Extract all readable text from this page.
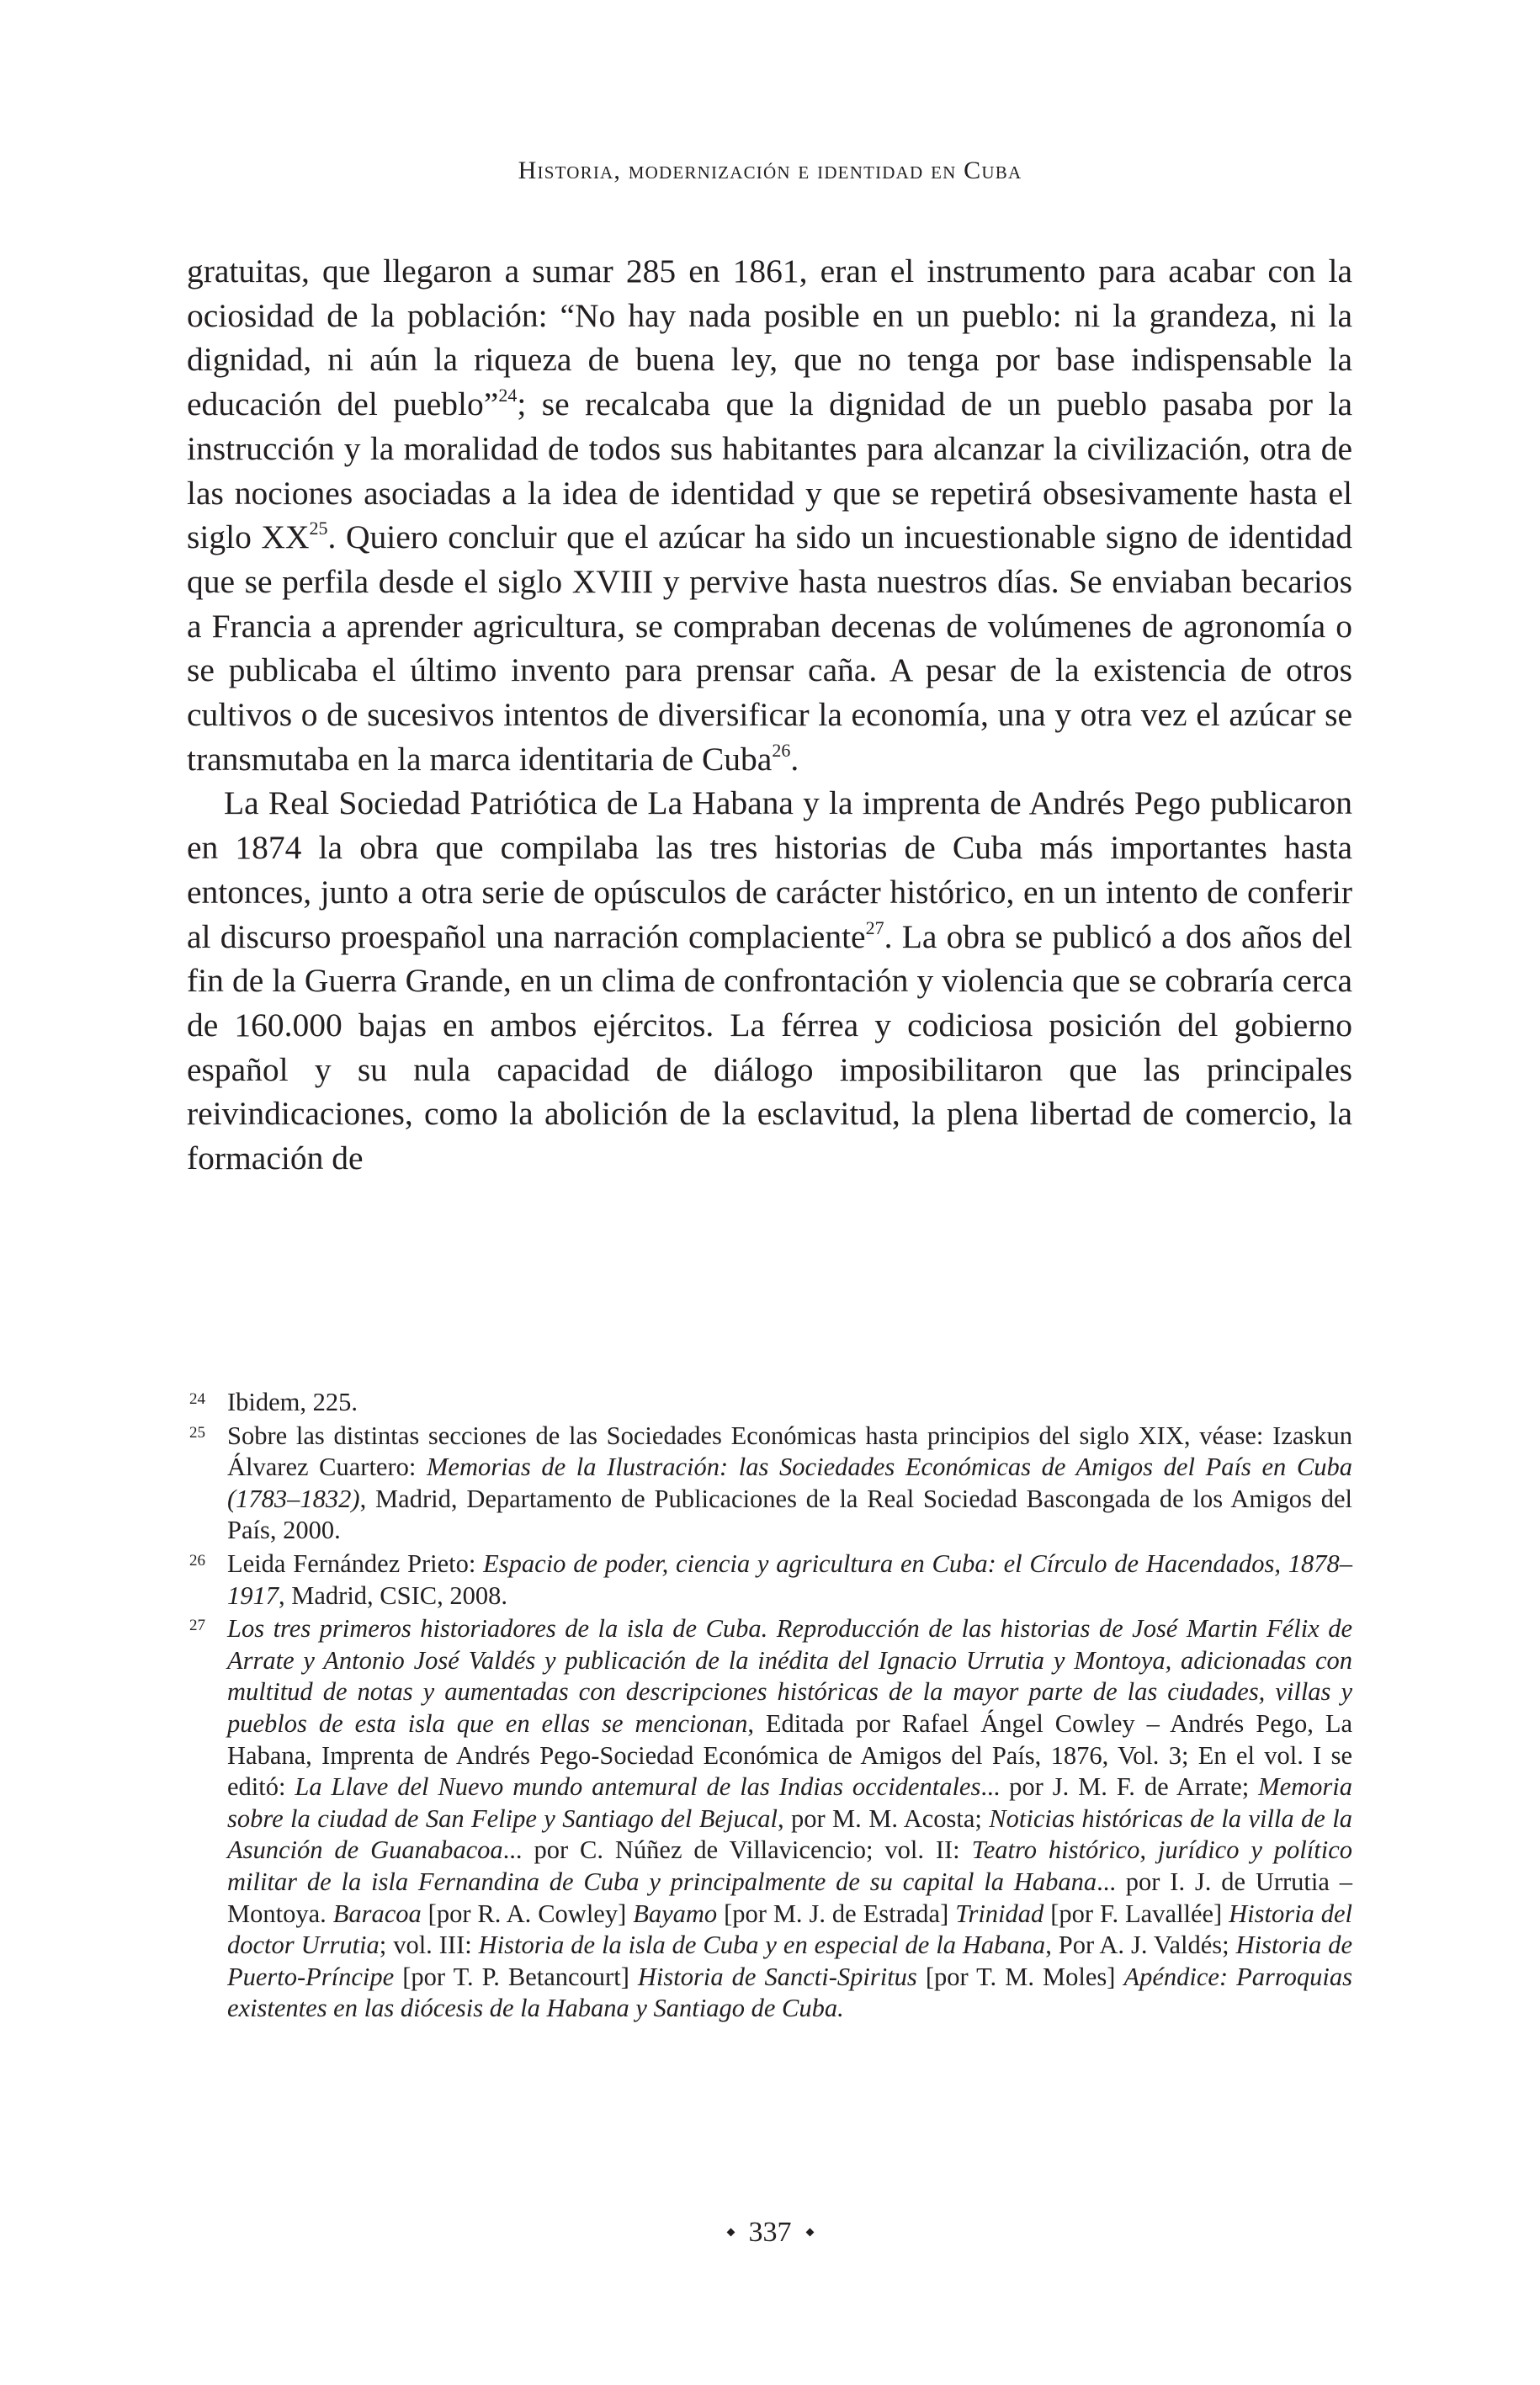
Historia, modernización e identidad en Cuba

gratuitas, que llegaron a sumar 285 en 1861, eran el instrumento para acabar con la ociosidad de la población: “No hay nada posible en un pueblo: ni la grandeza, ni la dignidad, ni aún la riqueza de buena ley, que no tenga por base indispensable la educación del pueblo”$^{24}$; se recalcaba que la dignidad de un pueblo pasaba por la instrucción y la moralidad de todos sus habitantes para alcanzar la civilización, otra de las nociones asociadas a la idea de identidad y que se repetirá obsesivamente hasta el siglo XX$^{25}$. Quiero concluir que el azúcar ha sido un incuestionable signo de identidad que se perfila desde el siglo XVIII y pervive hasta nuestros días. Se enviaban becarios a Francia a aprender agricultura, se compraban decenas de volúmenes de agronomía o se publicaba el último invento para prensar caña. A pesar de la existencia de otros cultivos o de sucesivos intentos de diversificar la economía, una y otra vez el azúcar se transmutaba en la marca identitaria de Cuba$^{26}$.

La Real Sociedad Patriótica de La Habana y la imprenta de Andrés Pego publicaron en 1874 la obra que compilaba las tres historias de Cuba más importantes hasta entonces, junto a otra serie de opúsculos de carácter histórico, en un intento de conferir al discurso proespañol una narración complaciente$^{27}$. La obra se publicó a dos años del fin de la Guerra Grande, en un clima de confrontación y violencia que se cobraría cerca de 160.000 bajas en ambos ejércitos. La férrea y codiciosa posición del gobierno español y su nula capacidad de diálogo imposibilitaron que las principales reivindicaciones, como la abolición de la esclavitud, la plena libertad de comercio, la formación de

24 Ibidem, 225.
25 Sobre las distintas secciones de las Sociedades Económicas hasta principios del siglo XIX, véase: Izaskun Álvarez Cuartero: Memorias de la Ilustración: las Sociedades Económicas de Amigos del País en Cuba (1783–1832), Madrid, Departamento de Publicaciones de la Real Sociedad Bascongada de los Amigos del País, 2000.
26 Leida Fernández Prieto: Espacio de poder, ciencia y agricultura en Cuba: el Círculo de Hacendados, 1878–1917, Madrid, CSIC, 2008.
27 Los tres primeros historiadores de la isla de Cuba. Reproducción de las historias de José Martin Félix de Arrate y Antonio José Valdés y publicación de la inédita del Ignacio Urrutia y Montoya, adicionadas con multitud de notas y aumentadas con descripciones históricas de la mayor parte de las ciudades, villas y pueblos de esta isla que en ellas se mencionan, Editada por Rafael Ángel Cowley – Andrés Pego, La Habana, Imprenta de Andrés Pego-Sociedad Económica de Amigos del País, 1876, Vol. 3; En el vol. I se editó: La Llave del Nuevo mundo antemural de las Indias occidentales... por J. M. F. de Arrate; Memoria sobre la ciudad de San Felipe y Santiago del Bejucal, por M. M. Acosta; Noticias históricas de la villa de la Asunción de Guanabacoa... por C. Núñez de Villavicencio; vol. II: Teatro histórico, jurídico y político militar de la isla Fernandina de Cuba y principalmente de su capital la Habana... por I. J. de Urrutia – Montoya. Baracoa [por R. A. Cowley] Bayamo [por M. J. de Estrada] Trinidad [por F. Lavallée] Historia del doctor Urrutia; vol. III: Historia de la isla de Cuba y en especial de la Habana, Por A. J. Valdés; Historia de Puerto-Príncipe [por T. P. Betancourt] Historia de Sancti-Spiritus [por T. M. Moles] Apéndice: Parroquias existentes en las diócesis de la Habana y Santiago de Cuba.
337
